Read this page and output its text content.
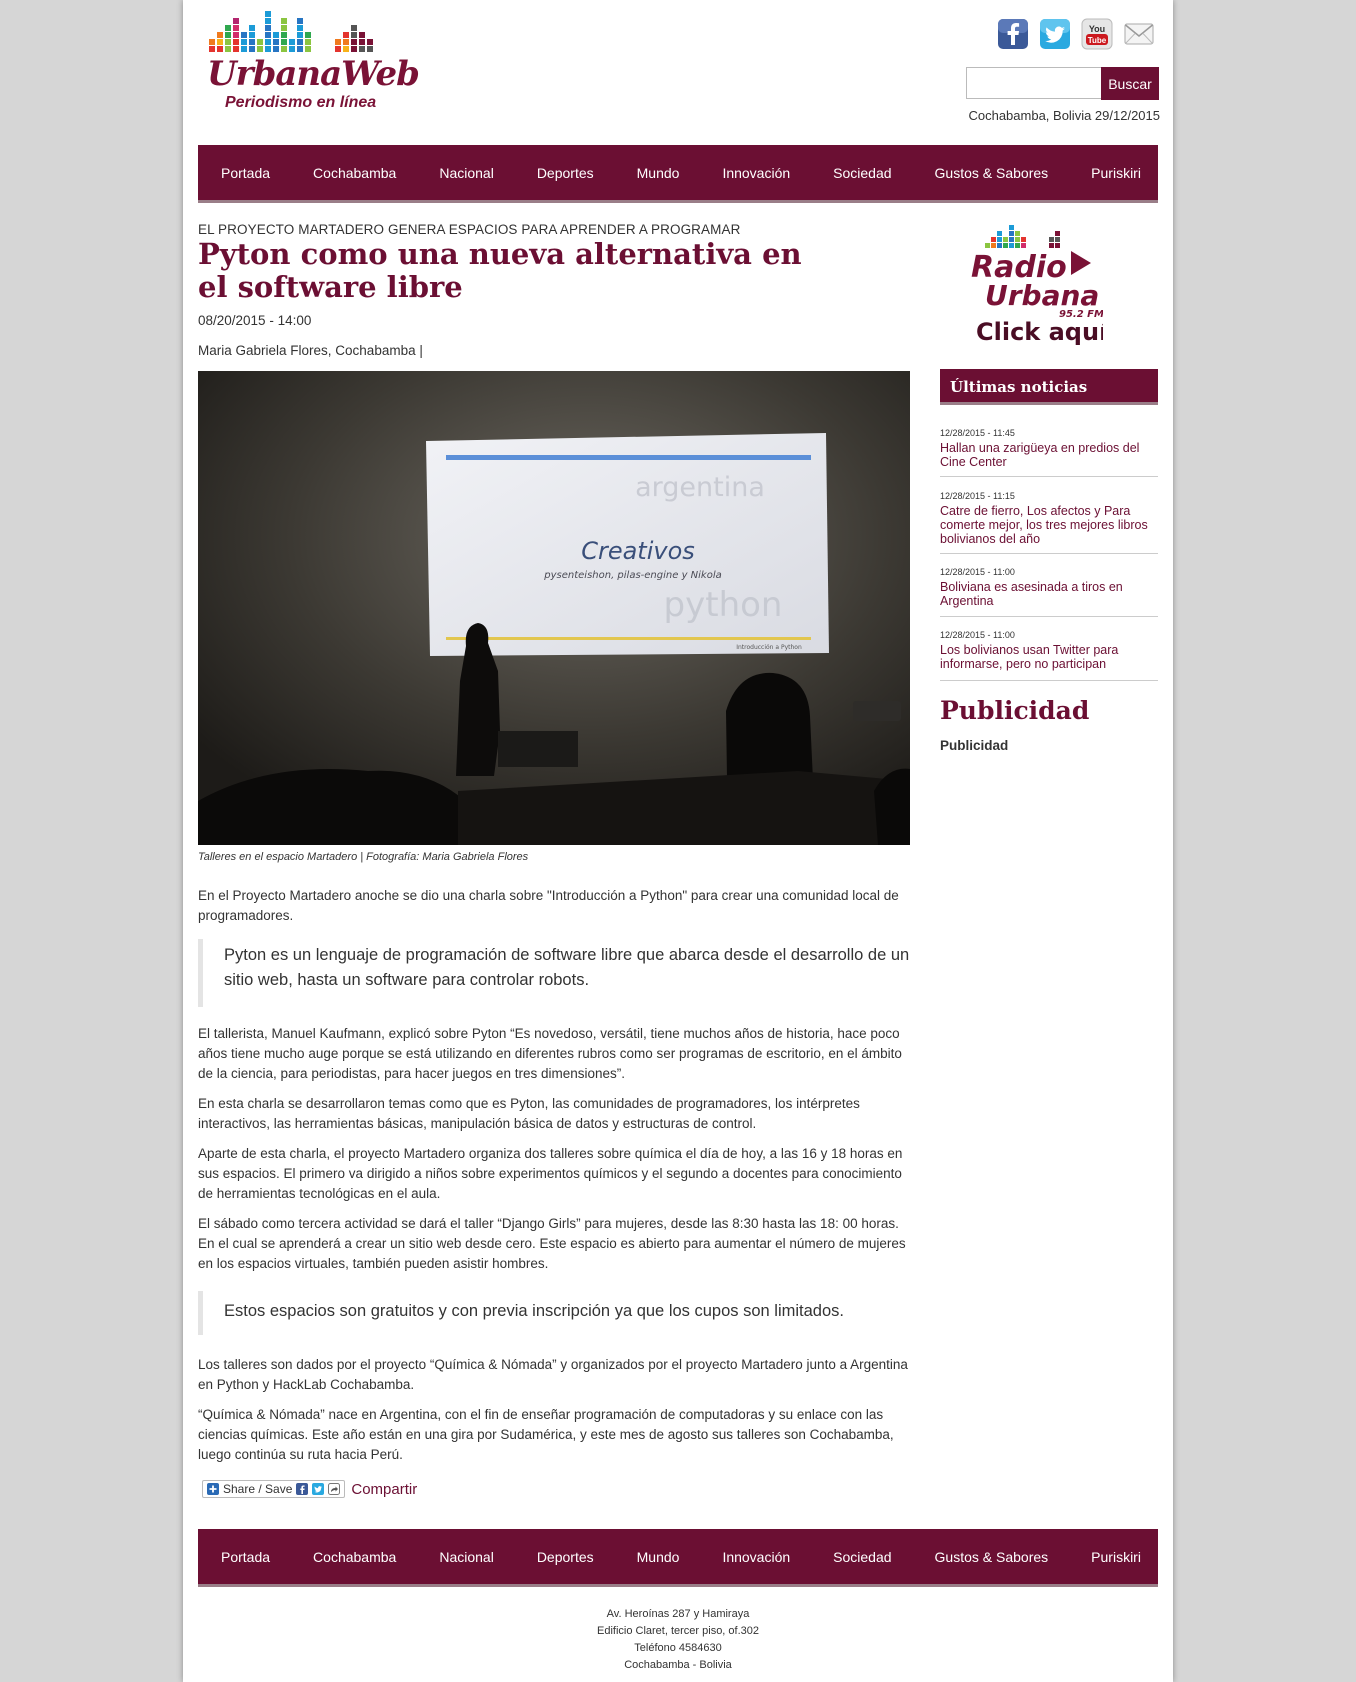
UrbanaWeb
Periodismo en línea
You
Tube
Buscar
Cochabamba, Bolivia 29/12/2015
Portada	Cochabamba	Nacional	Deportes	Mundo	Innovación	Sociedad	Gustos & Sabores	Puriskiri
EL PROYECTO MARTADERO GENERA ESPACIOS PARA APRENDER A PROGRAMAR
Pyton como una nueva alternativa en el software libre
08/20/2015 - 14:00
Maria Gabriela Flores, Cochabamba |
argentina
Creativos
pysenteishon, pilas-engine y Nikola
python
Introducción a Python
Talleres en el espacio Martadero | Fotografía: Maria Gabriela Flores

En el Proyecto Martadero anoche se dio una charla sobre "Introducción a Python" para crear una comunidad local de programadores.

Pyton es un lenguaje de programación de software libre que abarca desde el desarrollo de un sitio web, hasta un software para controlar robots.

El tallerista, Manuel Kaufmann, explicó sobre Pyton “Es novedoso, versátil, tiene muchos años de historia, hace poco años tiene mucho auge porque se está utilizando en diferentes rubros como ser programas de escritorio, en el ámbito de la ciencia, para periodistas, para hacer juegos en tres dimensiones”.

En esta charla se desarrollaron temas como que es Pyton, las comunidades de programadores, los intérpretes interactivos, las herramientas básicas, manipulación básica de datos y estructuras de control.

Aparte de esta charla, el proyecto Martadero organiza dos talleres sobre química el día de hoy, a las 16 y 18 horas en sus espacios. El primero va dirigido a niños sobre experimentos químicos y el segundo a docentes para conocimiento de herramientas tecnológicas en el aula.

El sábado como tercera actividad se dará el taller “Django Girls” para mujeres, desde las 8:30 hasta las 18: 00 horas. En el cual se aprenderá a crear un sitio web desde cero. Este espacio es abierto para aumentar el número de mujeres en los espacios virtuales, también pueden asistir hombres.

Estos espacios son gratuitos y con previa inscripción ya que los cupos son limitados.

Los talleres son dados por el proyecto “Química & Nómada” y organizados por el proyecto Martadero junto a Argentina en Python y HackLab Cochabamba.

“Química & Nómada” nace en Argentina, con el fin de enseñar programación de computadoras y su enlace con las ciencias químicas. Este año están en una gira por Sudamérica, y este mes de agosto sus talleres son Cochabamba, luego continúa su ruta hacia Perú.

Share / Save	Compartir
Radio
Urbana
95.2 FM
Click aquí
Últimas noticias
12/28/2015 - 11:45
Hallan una zarigüeya en predios del Cine Center
12/28/2015 - 11:15
Catre de fierro, Los afectos y Para comerte mejor, los tres mejores libros bolivianos del año
12/28/2015 - 11:00
Boliviana es asesinada a tiros en Argentina
12/28/2015 - 11:00
Los bolivianos usan Twitter para informarse, pero no participan
Publicidad
Publicidad
Portada	Cochabamba	Nacional	Deportes	Mundo	Innovación	Sociedad	Gustos & Sabores	Puriskiri
Av. Heroínas 287 y Hamiraya
Edificio Claret, tercer piso, of.302
Teléfono 4584630
Cochabamba - Bolivia
